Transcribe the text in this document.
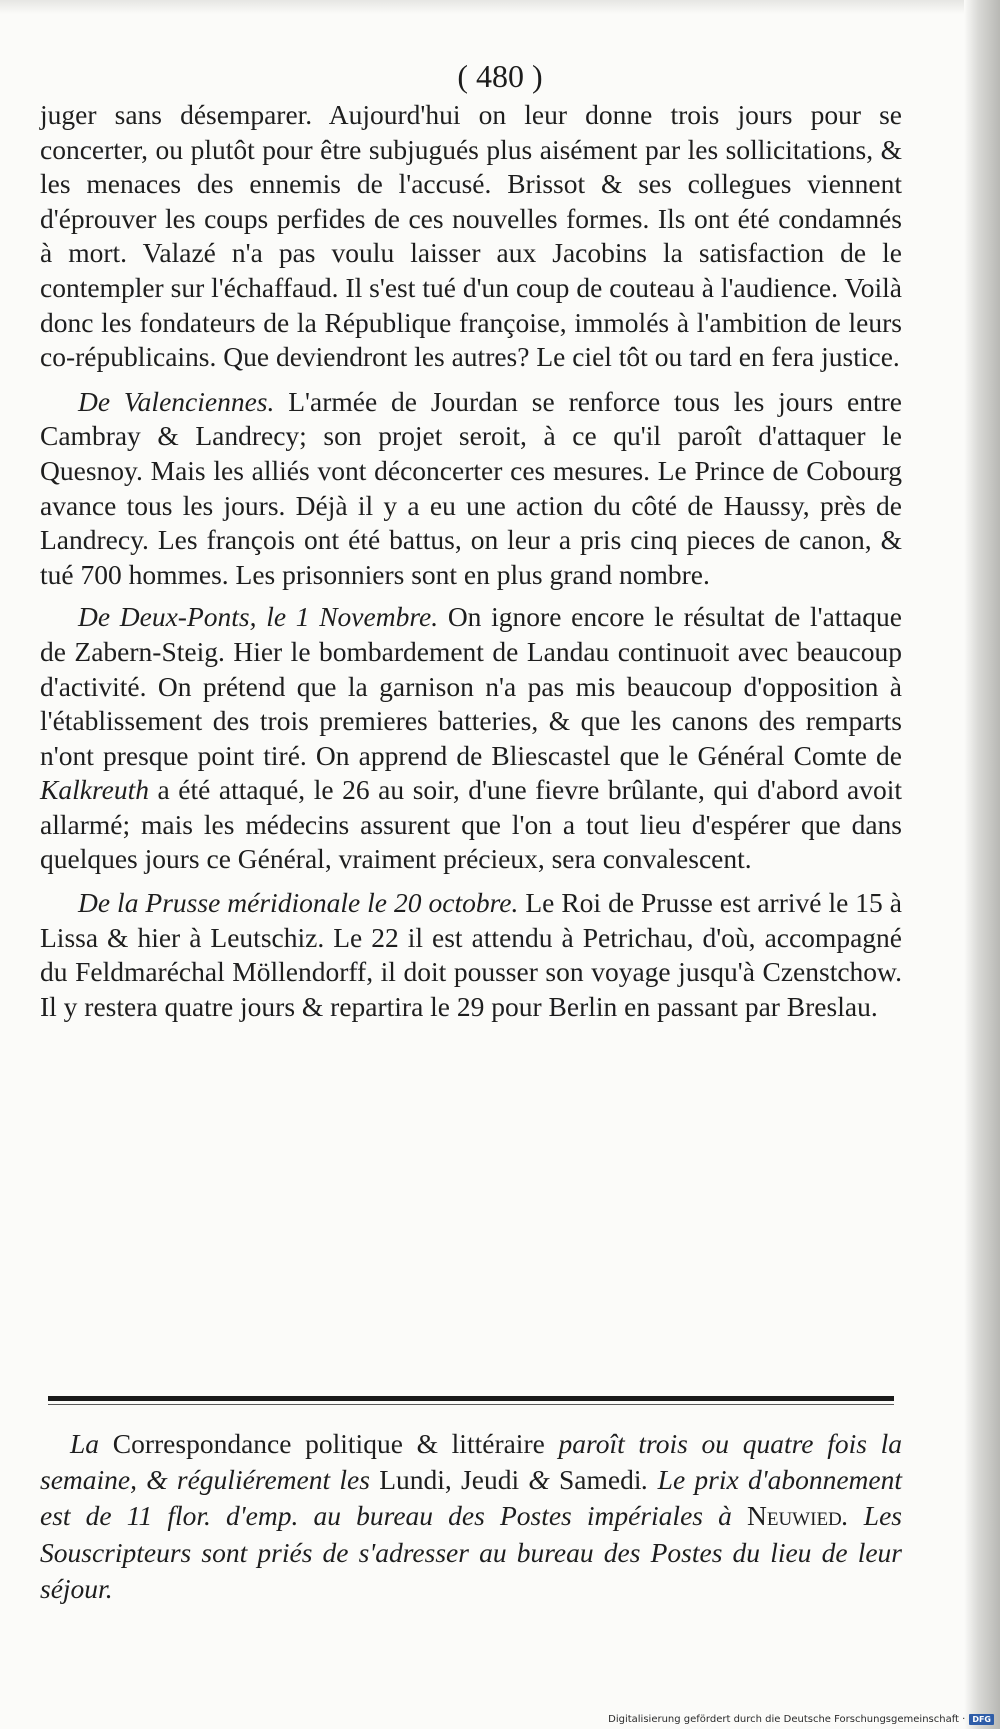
( 480 )

juger sans désemparer. Aujourd'hui on leur donne trois jours pour se concerter, ou plutôt pour être subjugués plus aisément par les sollicitations, & les menaces des ennemis de l'accusé. Brissot & ses collegues viennent d'éprouver les coups perfides de ces nouvelles formes. Ils ont été condamnés à mort. Valazé n'a pas voulu laisser aux Jacobins la satisfaction de le contempler sur l'échaffaud. Il s'est tué d'un coup de couteau à l'audience. Voilà donc les fondateurs de la République françoise, immolés à l'ambition de leurs co-républicains. Que deviendront les autres? Le ciel tôt ou tard en fera justice.

De Valenciennes. L'armée de Jourdan se renforce tous les jours entre Cambray & Landrecy; son projet seroit, à ce qu'il paroît d'attaquer le Quesnoy. Mais les alliés vont déconcerter ces mesures. Le Prince de Cobourg avance tous les jours. Déjà il y a eu une action du côté de Haussy, près de Landrecy. Les françois ont été battus, on leur a pris cinq pieces de canon, & tué 700 hommes. Les prisonniers sont en plus grand nombre.

De Deux-Ponts, le 1 Novembre. On ignore encore le résultat de l'attaque de Zabern-Steig. Hier le bombardement de Landau continuoit avec beaucoup d'activité. On prétend que la garnison n'a pas mis beaucoup d'opposition à l'établissement des trois premieres batteries, & que les canons des remparts n'ont presque point tiré. On apprend de Bliescastel que le Général Comte de Kalkreuth a été attaqué, le 26 au soir, d'une fievre brûlante, qui d'abord avoit allarmé; mais les médecins assurent que l'on a tout lieu d'espérer que dans quelques jours ce Général, vraiment précieux, sera convalescent.

De la Prusse méridionale le 20 octobre. Le Roi de Prusse est arrivé le 15 à Lissa & hier à Leutschiz. Le 22 il est attendu à Petrichau, d'où, accompagné du Feldmaréchal Möllendorff, il doit pousser son voyage jusqu'à Czenstchow. Il y restera quatre jours & repartira le 29 pour Berlin en passant par Breslau.

La Correspondance politique & littéraire paroît trois ou quatre fois la semaine, & réguliérement les Lundi, Jeudi & Samedi. Le prix d'abonnement est de 11 flor. d'emp. au bureau des Postes impériales à Neuwied. Les Souscripteurs sont priés de s'adresser au bureau des Postes du lieu de leur séjour.
Digitalisierung gefördert durch die Deutsche Forschungsgemeinschaft · DFG
